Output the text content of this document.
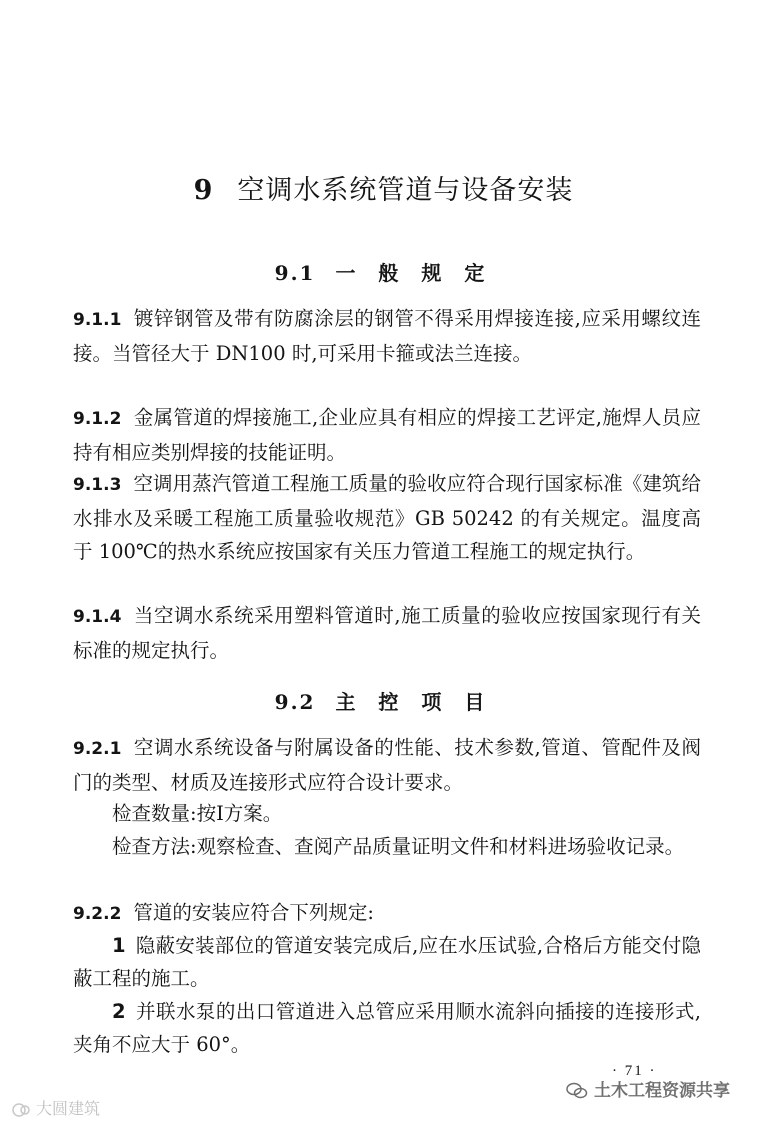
9 空调水系统管道与设备安装
9.1 一 般 规 定

9.1.1 镀锌钢管及带有防腐涂层的钢管不得采用焊接连接,应采用螺纹连接。当管径大于 DN100 时,可采用卡箍或法兰连接。

9.1.2 金属管道的焊接施工,企业应具有相应的焊接工艺评定,施焊人员应持有相应类别焊接的技能证明。

9.1.3 空调用蒸汽管道工程施工质量的验收应符合现行国家标准《建筑给水排水及采暖工程施工质量验收规范》GB 50242 的有关规定。温度高于 100℃的热水系统应按国家有关压力管道工程施工的规定执行。

9.1.4 当空调水系统采用塑料管道时,施工质量的验收应按国家现行有关标准的规定执行。

9.2 主 控 项 目

9.2.1 空调水系统设备与附属设备的性能、技术参数,管道、管配件及阀门的类型、材质及连接形式应符合设计要求。

检查数量:按Ⅰ方案。

检查方法:观察检查、查阅产品质量证明文件和材料进场验收记录。

9.2.2 管道的安装应符合下列规定:

1 隐蔽安装部位的管道安装完成后,应在水压试验,合格后方能交付隐蔽工程的施工。

2 并联水泵的出口管道进入总管应采用顺水流斜向插接的连接形式,夹角不应大于 60°。

· 71 ·
土木工程资源共享
大圆建筑
